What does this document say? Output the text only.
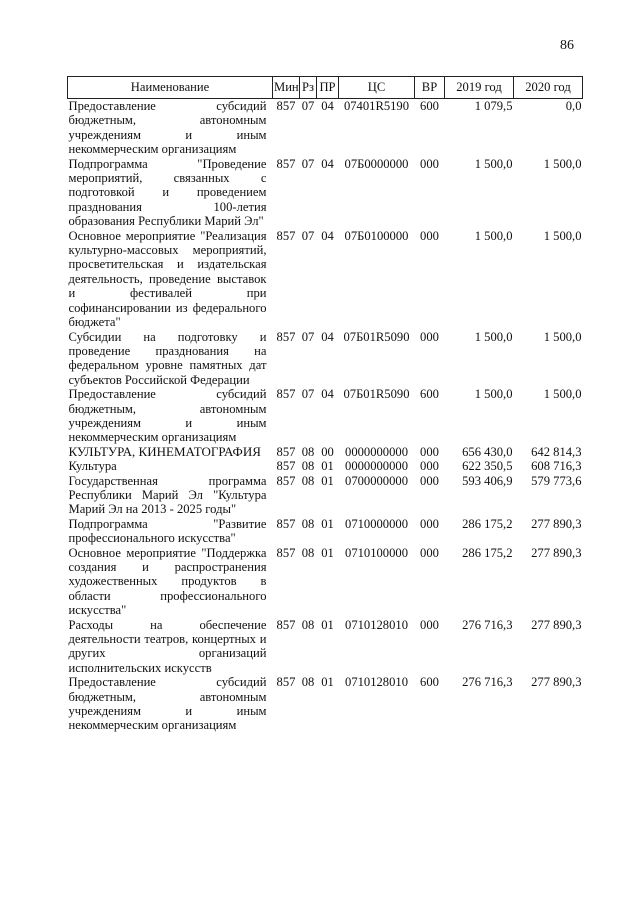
86
Наименование	Мин	Рз	ПР	ЦС	ВР	2019 год	2020 год
Предоставление субсидий бюджетным, автономным учреждениям и иным некоммерческим организациям	857	07	04	07401R5190	600	1 079,5	0,0
Подпрограмма "Проведение мероприятий, связанных с подготовкой и проведением празднования 100-летия образования Республики Марий Эл"	857	07	04	07Б0000000	000	1 500,0	1 500,0
Основное мероприятие "Реализация культурно-массовых мероприятий, просветительская и издательская деятельность, проведение выставок и фестивалей при софинансировании из федерального бюджета"	857	07	04	07Б0100000	000	1 500,0	1 500,0
Субсидии на подготовку и проведение празднования на федеральном уровне памятных дат субъектов Российской Федерации	857	07	04	07Б01R5090	000	1 500,0	1 500,0
Предоставление субсидий бюджетным, автономным учреждениям и иным некоммерческим организациям	857	07	04	07Б01R5090	600	1 500,0	1 500,0
КУЛЬТУРА, КИНЕМАТОГРАФИЯ	857	08	00	0000000000	000	656 430,0	642 814,3
Культура	857	08	01	0000000000	000	622 350,5	608 716,3
Государственная программа Республики Марий Эл "Культура Марий Эл на 2013 - 2025 годы"	857	08	01	0700000000	000	593 406,9	579 773,6
Подпрограмма "Развитие профессионального искусства"	857	08	01	0710000000	000	286 175,2	277 890,3
Основное мероприятие "Поддержка создания и распространения художественных продуктов в области профессионального искусства"	857	08	01	0710100000	000	286 175,2	277 890,3
Расходы на обеспечение деятельности театров, концертных и других организаций исполнительских искусств	857	08	01	0710128010	000	276 716,3	277 890,3
Предоставление субсидий бюджетным, автономным учреждениям и иным некоммерческим организациям	857	08	01	0710128010	600	276 716,3	277 890,3
